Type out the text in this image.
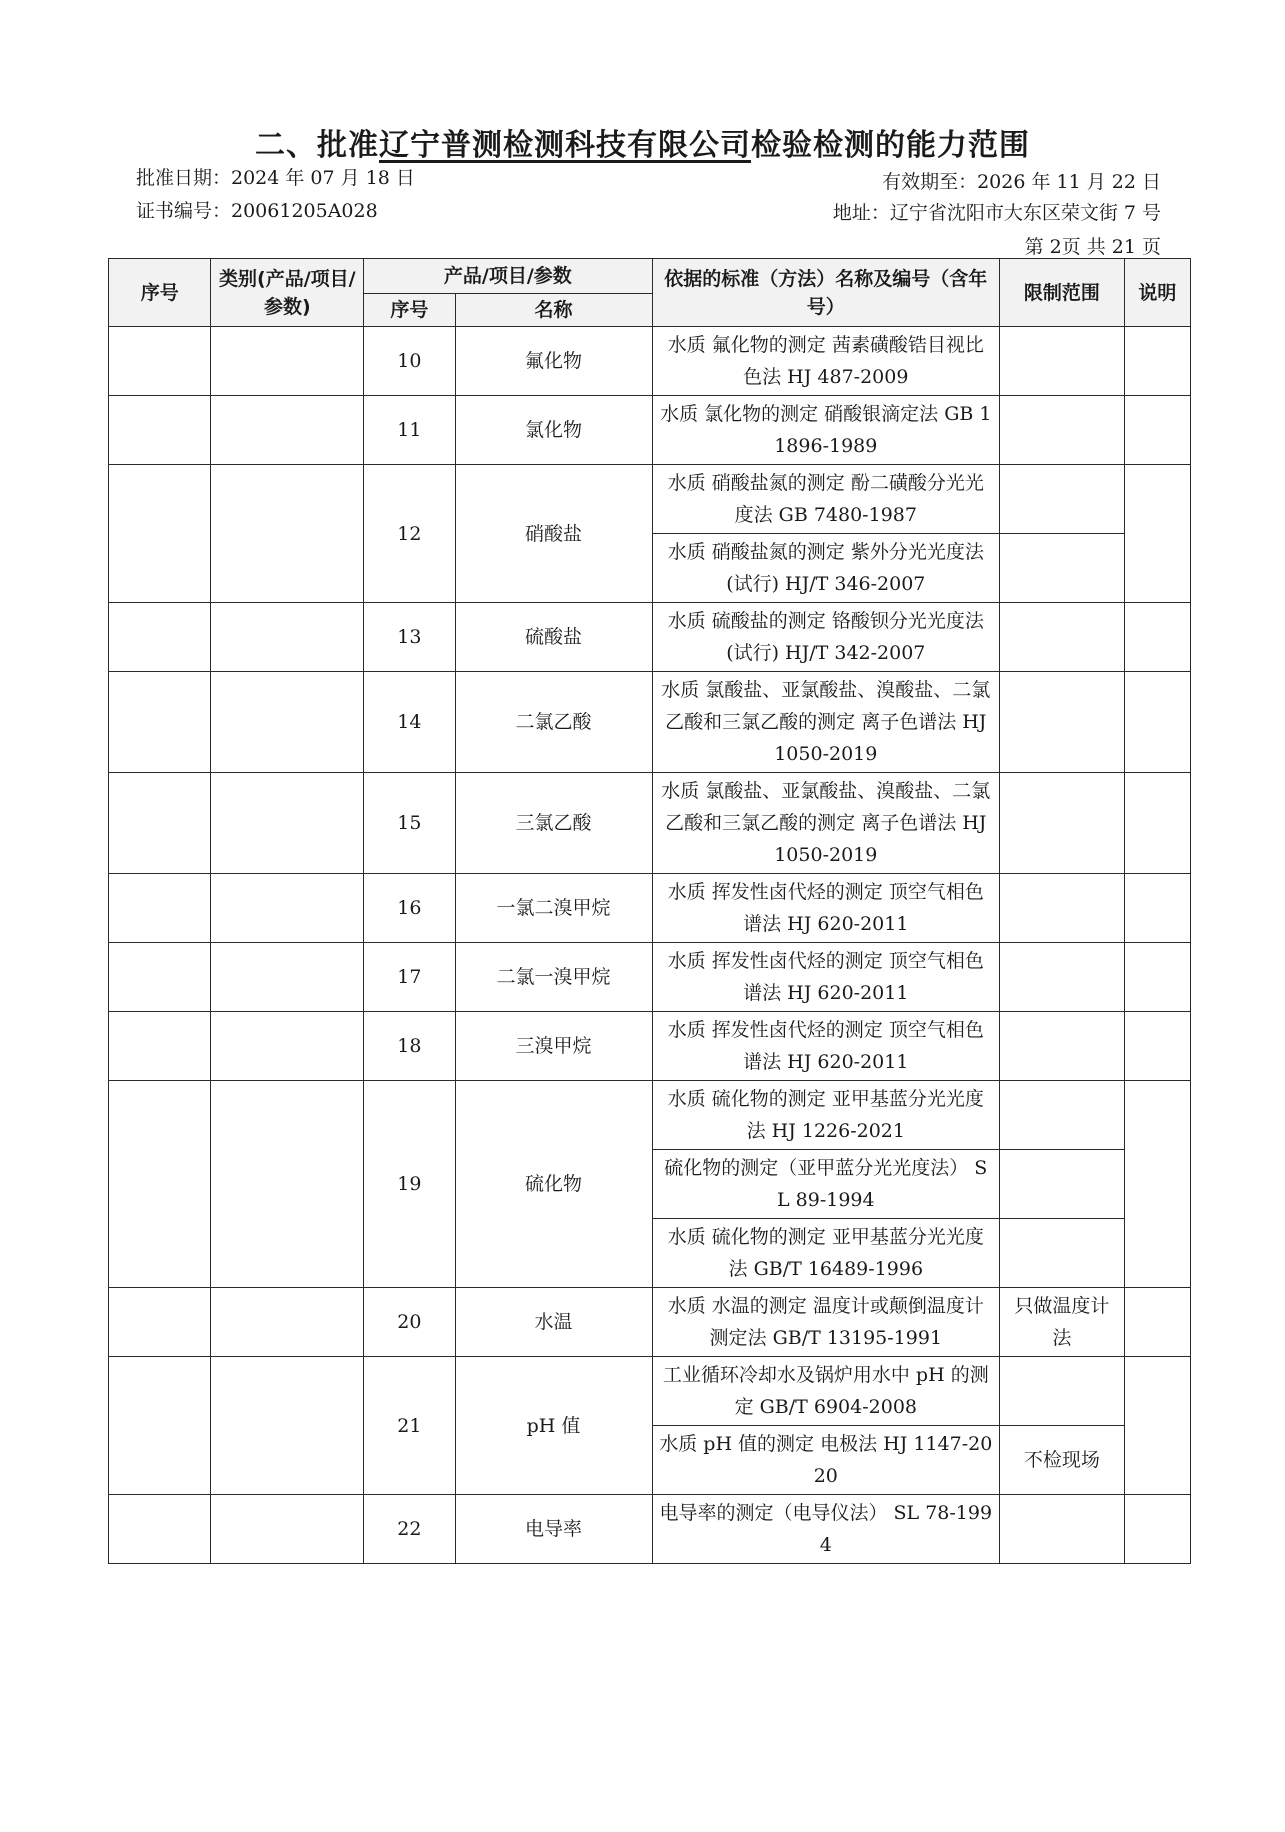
二、批准辽宁普测检测科技有限公司检验检测的能力范围
批准日期：2024 年 07 月 18 日
证书编号：20061205A028
有效期至：2026 年 11 月 22 日
地址：辽宁省沈阳市大东区荣文街 7 号
第 2页 共 21 页
序号	类别(产品/项目/参数)	产品/项目/参数		依据的标准（方法）名称及编号（含年号）	限制范围	说明
		序号	名称			
		10	氟化物	水质 氟化物的测定 茜素磺酸锆目视比色法 HJ 487-2009		
		11	氯化物	水质 氯化物的测定 硝酸银滴定法 GB 11896-1989		
		12	硝酸盐	水质 硝酸盐氮的测定 酚二磺酸分光光度法 GB 7480-1987		
				水质 硝酸盐氮的测定 紫外分光光度法(试行) HJ/T 346-2007		
		13	硫酸盐	水质 硫酸盐的测定 铬酸钡分光光度法(试行) HJ/T 342-2007		
		14	二氯乙酸	水质 氯酸盐、亚氯酸盐、溴酸盐、二氯乙酸和三氯乙酸的测定 离子色谱法 HJ 1050-2019		
		15	三氯乙酸	水质 氯酸盐、亚氯酸盐、溴酸盐、二氯乙酸和三氯乙酸的测定 离子色谱法 HJ 1050-2019		
		16	一氯二溴甲烷	水质 挥发性卤代烃的测定 顶空气相色谱法 HJ 620-2011		
		17	二氯一溴甲烷	水质 挥发性卤代烃的测定 顶空气相色谱法 HJ 620-2011		
		18	三溴甲烷	水质 挥发性卤代烃的测定 顶空气相色谱法 HJ 620-2011		
		19	硫化物	水质 硫化物的测定 亚甲基蓝分光光度法 HJ 1226-2021		
				硫化物的测定（亚甲蓝分光光度法） SL 89-1994		
				水质 硫化物的测定 亚甲基蓝分光光度法 GB/T 16489-1996		
		20	水温	水质 水温的测定 温度计或颠倒温度计测定法 GB/T 13195-1991	只做温度计法	
		21	pH 值	工业循环冷却水及锅炉用水中 pH 的测定 GB/T 6904-2008		
				水质 pH 值的测定 电极法 HJ 1147-2020	不检现场	
		22	电导率	电导率的测定（电导仪法） SL 78-1994		
